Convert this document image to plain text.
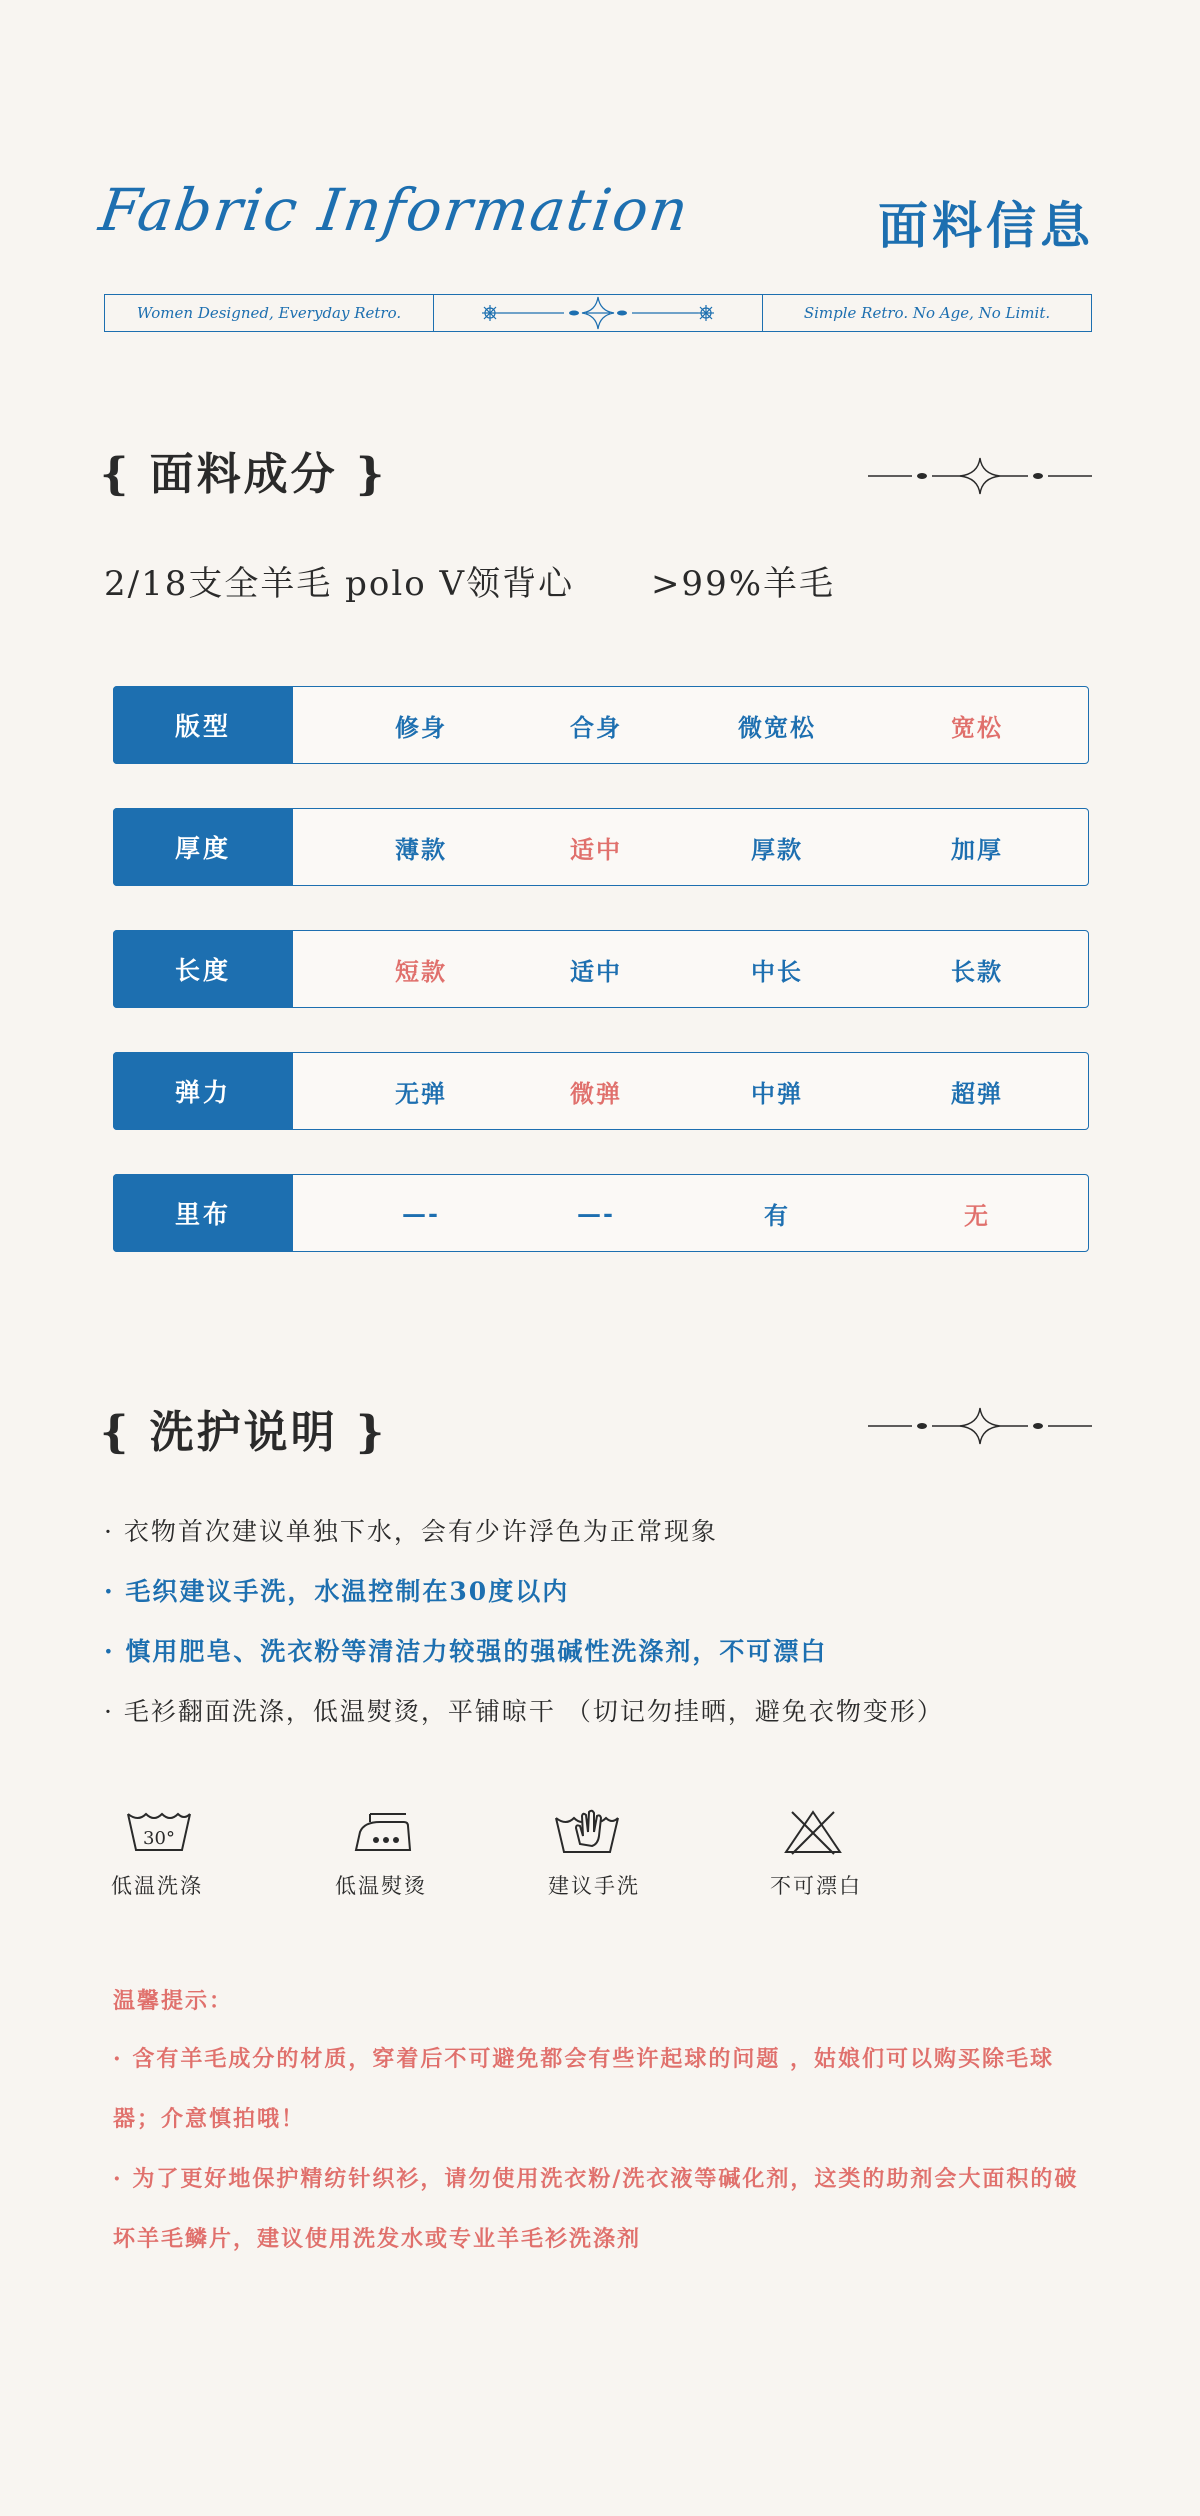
Fabric Information	面料信息
Women Designed, Everyday Retro.	Simple Retro. No Age, No Limit.
{ 面料成分 }
2/18支全羊毛 polo V领背心      >99%羊毛
版型	修身	合身	微宽松	宽松
厚度	薄款	适中	厚款	加厚
长度	短款	适中	中长	长款
弹力	无弹	微弹	中弹	超弹
里布	—-	—-	有	无
{ 洗护说明 }
· 衣物首次建议单独下水，会有少许浮色为正常现象
· 毛织建议手洗，水温控制在30度以内
· 慎用肥皂、洗衣粉等清洁力较强的强碱性洗涤剂，不可漂白
· 毛衫翻面洗涤，低温熨烫，平铺晾干 （切记勿挂晒，避免衣物变形）
30°
低温洗涤	低温熨烫	建议手洗	不可漂白
温馨提示：
· 含有羊毛成分的材质，穿着后不可避免都会有些许起球的问题 ，姑娘们可以购买除毛球
器；介意慎拍哦！
· 为了更好地保护精纺针织衫，请勿使用洗衣粉/洗衣液等碱化剂，这类的助剂会大面积的破
坏羊毛鳞片，建议使用洗发水或专业羊毛衫洗涤剂
